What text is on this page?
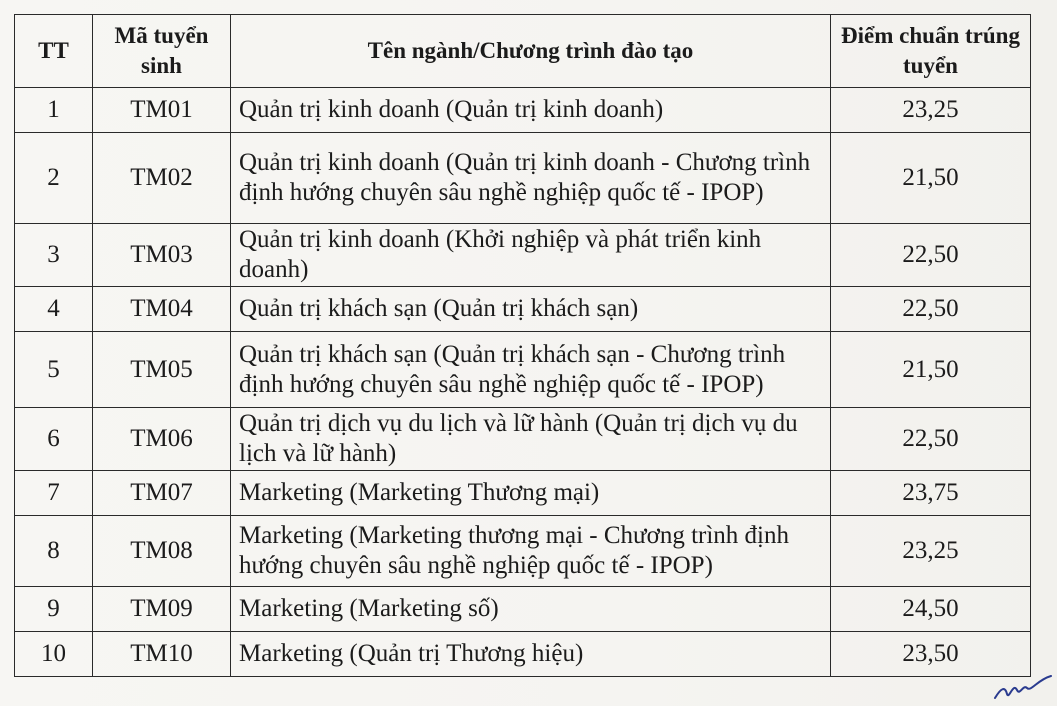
TT	Mã tuyển sinh	Tên ngành/Chương trình đào tạo	Điểm chuẩn trúng tuyển
1	TM01	Quản trị kinh doanh (Quản trị kinh doanh)	23,25
2	TM02	Quản trị kinh doanh (Quản trị kinh doanh - Chương trình định hướng chuyên sâu nghề nghiệp quốc tế - IPOP)	21,50
3	TM03	Quản trị kinh doanh (Khởi nghiệp và phát triển kinh doanh)	22,50
4	TM04	Quản trị khách sạn (Quản trị khách sạn)	22,50
5	TM05	Quản trị khách sạn (Quản trị khách sạn - Chương trình định hướng chuyên sâu nghề nghiệp quốc tế - IPOP)	21,50
6	TM06	Quản trị dịch vụ du lịch và lữ hành (Quản trị dịch vụ du lịch và lữ hành)	22,50
7	TM07	Marketing (Marketing Thương mại)	23,75
8	TM08	Marketing (Marketing thương mại - Chương trình định hướng chuyên sâu nghề nghiệp quốc tế - IPOP)	23,25
9	TM09	Marketing (Marketing số)	24,50
10	TM10	Marketing (Quản trị Thương hiệu)	23,50
